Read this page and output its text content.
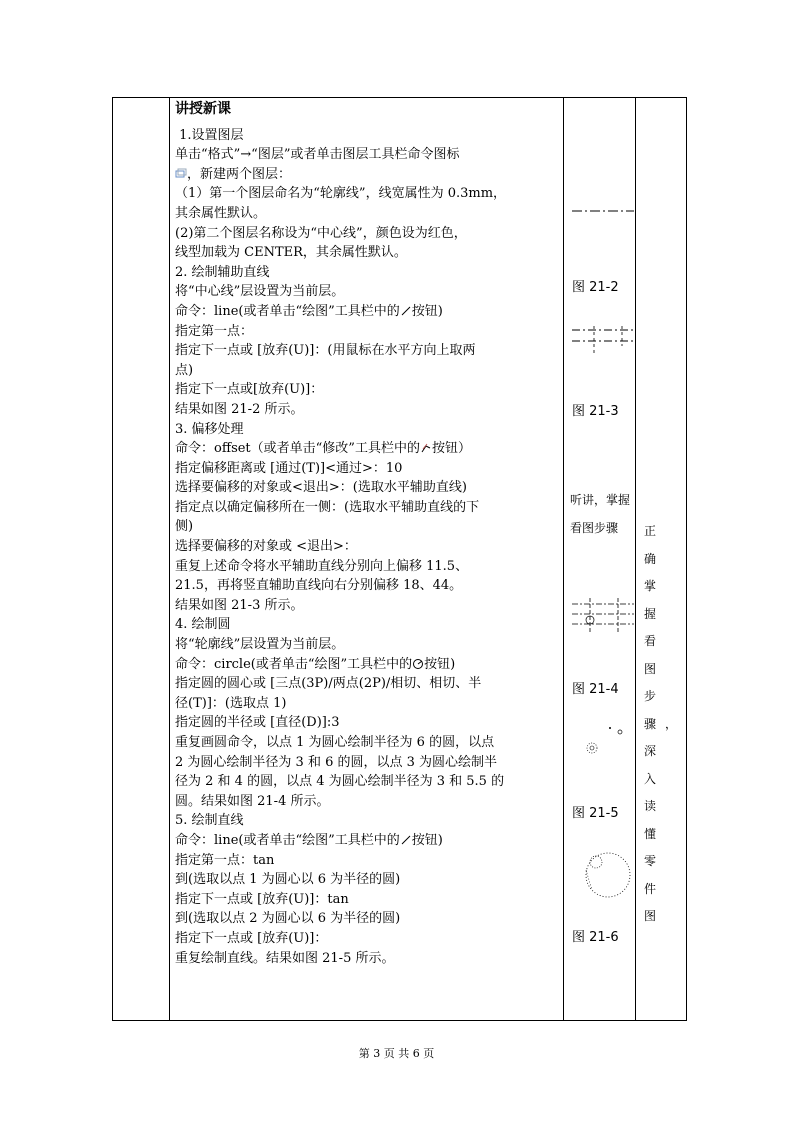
讲授新课

1.设置图层

单击“格式”→“图层”或者单击图层工具栏命令图标

，新建两个图层：

（1）第一个图层命名为“轮廓线”，线宽属性为 0.3mm，

其余属性默认。

(2)第二个图层名称设为“中心线”，颜色设为红色，

线型加载为 CENTER，其余属性默认。

2. 绘制辅助直线

将“中心线”层设置为当前层。

命令：line(或者单击“绘图”工具栏中的 按钮)

指定第一点：

指定下一点或 [放弃(U)]：(用鼠标在水平方向上取两

点)

指定下一点或[放弃(U)]：

结果如图 21-2 所示。

3. 偏移处理

命令：offset（或者单击“修改”工具栏中的 按钮）

指定偏移距离或 [通过(T)]<通过>：10

选择要偏移的对象或<退出>：(选取水平辅助直线)

指定点以确定偏移所在一侧：(选取水平辅助直线的下

侧)

选择要偏移的对象或 <退出>：

重复上述命令将水平辅助直线分别向上偏移 11.5、

21.5，再将竖直辅助直线向右分别偏移 18、44。

结果如图 21-3 所示。

4. 绘制圆

将“轮廓线”层设置为当前层。

命令：circle(或者单击“绘图”工具栏中的 按钮)

指定圆的圆心或 [三点(3P)/两点(2P)/相切、相切、半

径(T)]：(选取点 1)

指定圆的半径或 [直径(D)]:3

重复画圆命令，以点 1 为圆心绘制半径为 6 的圆，以点

2 为圆心绘制半径为 3 和 6 的圆，以点 3 为圆心绘制半

径为 2 和 4 的圆，以点 4 为圆心绘制半径为 3 和 5.5 的

圆。结果如图 21-4 所示。

5. 绘制直线

命令：line(或者单击“绘图”工具栏中的 按钮)

指定第一点：tan

到(选取以点 1 为圆心以 6 为半径的圆)

指定下一点或 [放弃(U)]：tan

到(选取以点 2 为圆心以 6 为半径的圆)

指定下一点或 [放弃(U)]：

重复绘制直线。结果如图 21-5 所示。

图 21-2
图 21-3
听讲，掌握看图步骤
图 21-4
图 21-5
图 21-6
正确掌握看图步骤，深入读懂零件图
第 3 页 共 6 页
